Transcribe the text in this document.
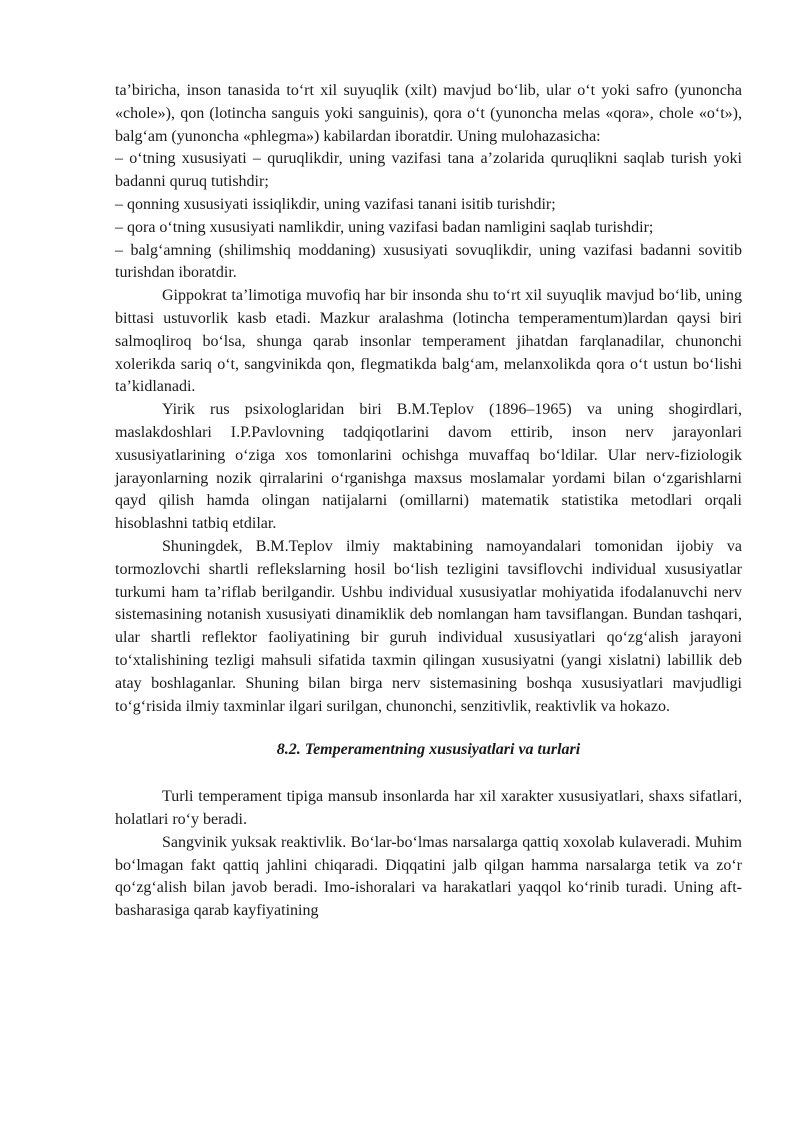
ta’biricha, inson tanasida to‘rt xil suyuqlik (xilt) mavjud bo‘lib, ular o‘t yoki safro (yunoncha «chole»), qon (lotincha sanguis yoki sanguinis), qora o‘t (yunoncha melas «qora», chole «o‘t»), balg‘am (yunoncha «phlegma») kabilardan iboratdir. Uning mulohazasicha:

– o‘tning xususiyati – quruqlikdir, uning vazifasi tana a’zolarida quruqlikni saqlab turish yoki badanni quruq tutishdir;

– qonning xususiyati issiqlikdir, uning vazifasi tanani isitib turishdir;

– qora o‘tning xususiyati namlikdir, uning vazifasi badan namligini saqlab turishdir;

– balg‘amning (shilimshiq moddaning) xususiyati sovuqlikdir, uning vazifasi badanni sovitib turishdan iboratdir.

Gippokrat ta’limotiga muvofiq har bir insonda shu to‘rt xil suyuqlik mavjud bo‘lib, uning bittasi ustuvorlik kasb etadi. Mazkur aralashma (lotincha temperamentum)lardan qaysi biri salmoqliroq bo‘lsa, shunga qarab insonlar temperament jihatdan farqlanadilar, chunonchi xolerikda sariq o‘t, sangvinikda qon, flegmatikda balg‘am, melanxolikda qora o‘t ustun bo‘lishi ta’kidlanadi.

Yirik rus psixologlaridan biri B.M.Teplov (1896–1965) va uning shogirdlari, maslakdoshlari I.P.Pavlovning tadqiqotlarini davom ettirib, inson nerv jarayonlari xususiyatlarining o‘ziga xos tomonlarini ochishga muvaffaq bo‘ldilar. Ular nerv-fiziologik jarayonlarning nozik qirralarini o‘rganishga maxsus moslamalar yordami bilan o‘zgarishlarni qayd qilish hamda olingan natijalarni (omillarni) matematik statistika metodlari orqali hisoblashni tatbiq etdilar.

Shuningdek, B.M.Teplov ilmiy maktabining namoyandalari tomonidan ijobiy va tormozlovchi shartli reflekslarning hosil bo‘lish tezligini tavsiflovchi individual xususiyatlar turkumi ham ta’riflab berilgandir. Ushbu individual xususiyatlar mohiyatida ifodalanuvchi nerv sistemasining notanish xususiyati dinamiklik deb nomlangan ham tavsiflangan. Bundan tashqari, ular shartli reflektor faoliyatining bir guruh individual xususiyatlari qo‘zg‘alish jarayoni to‘xtalishining tezligi mahsuli sifatida taxmin qilingan xususiyatni (yangi xislatni) labillik deb atay boshlaganlar. Shuning bilan birga nerv sistemasining boshqa xususiyatlari mavjudligi to‘g‘risida ilmiy taxminlar ilgari surilgan, chunonchi, senzitivlik, reaktivlik va hokazo.

8.2. Temperamentning xususiyatlari va turlari

Turli temperament tipiga mansub insonlarda har xil xarakter xususiyatlari, shaxs sifatlari, holatlari ro‘y beradi.

Sangvinik yuksak reaktivlik. Bo‘lar-bo‘lmas narsalarga qattiq xoxolab kulaveradi. Muhim bo‘lmagan fakt qattiq jahlini chiqaradi. Diqqatini jalb qilgan hamma narsalarga tetik va zo‘r qo‘zg‘alish bilan javob beradi. Imo-ishoralari va harakatlari yaqqol ko‘rinib turadi. Uning aft-basharasiga qarab kayfiyatining
